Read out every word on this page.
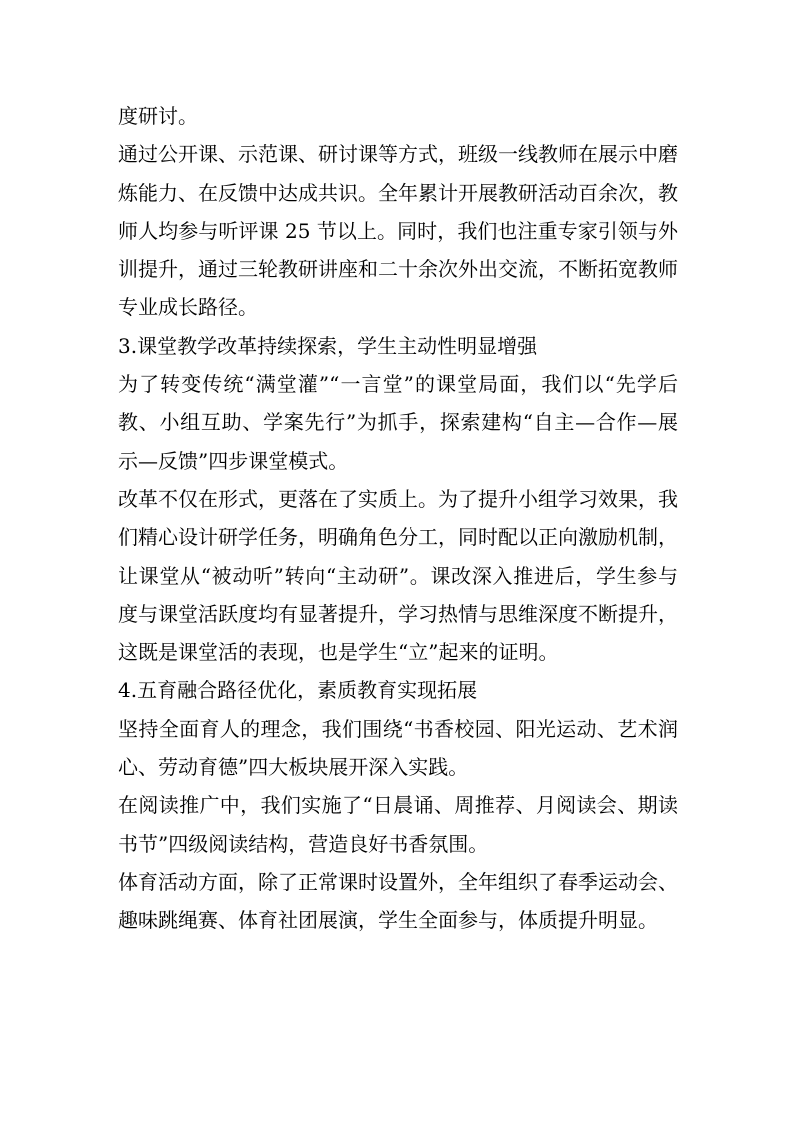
度研讨。

通过公开课、示范课、研讨课等方式，班级一线教师在展示中磨炼能力、在反馈中达成共识。全年累计开展教研活动百余次，教师人均参与听评课 25 节以上。同时，我们也注重专家引领与外训提升，通过三轮教研讲座和二十余次外出交流，不断拓宽教师专业成长路径。

3.课堂教学改革持续探索，学生主动性明显增强

为了转变传统“满堂灌”“一言堂”的课堂局面，我们以“先学后教、小组互助、学案先行”为抓手，探索建构“自主—合作—展示—反馈”四步课堂模式。

改革不仅在形式，更落在了实质上。为了提升小组学习效果，我们精心设计研学任务，明确角色分工，同时配以正向激励机制，让课堂从“被动听”转向“主动研”。课改深入推进后，学生参与度与课堂活跃度均有显著提升，学习热情与思维深度不断提升，这既是课堂活的表现，也是学生“立”起来的证明。

4.五育融合路径优化，素质教育实现拓展

坚持全面育人的理念，我们围绕“书香校园、阳光运动、艺术润心、劳动育德”四大板块展开深入实践。

在阅读推广中，我们实施了“日晨诵、周推荐、月阅读会、期读书节”四级阅读结构，营造良好书香氛围。

体育活动方面，除了正常课时设置外，全年组织了春季运动会、趣味跳绳赛、体育社团展演，学生全面参与，体质提升明显。
